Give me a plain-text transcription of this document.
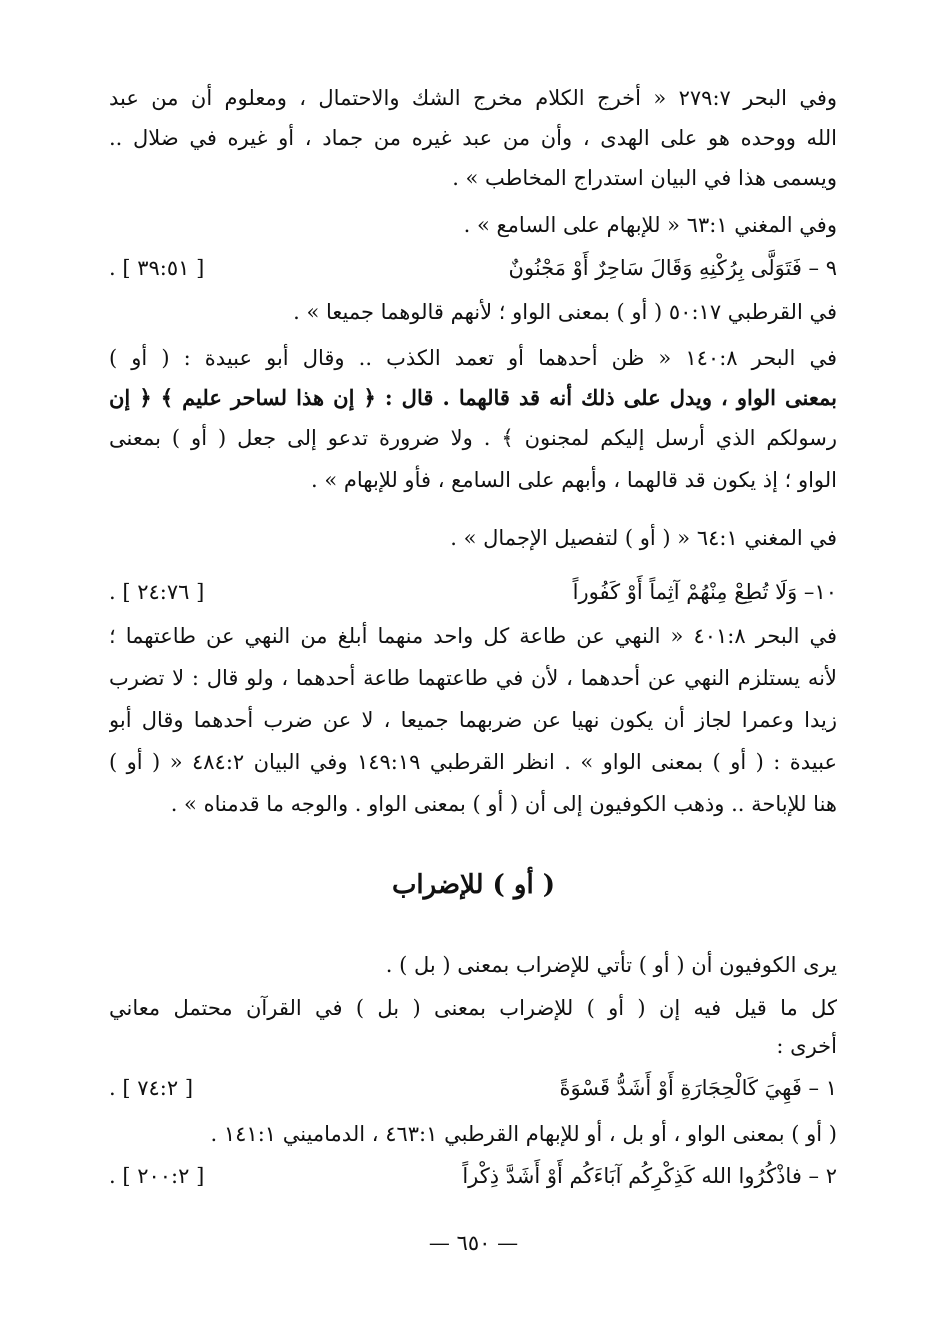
وفي البحر ٢٧٩:٧ « أخرج الكلام مخرج الشك والاحتمال ، ومعلوم أن من عبد
الله ووحده هو على الهدى ، وأن من عبد غيره من جماد ، أو غيره في ضلال ..
ويسمى هذا في البيان استدراج المخاطب » .
وفي المغني ٦٣:١ « للإبهام على السامع » .
٩ – فَتَوَلَّى بِرُكْنِهِ وَقَالَ سَاحِرٌ أَوْ مَجْنُونٌ
[ ٣٩:٥١ ] .
في القرطبي ٥٠:١٧ ( أو ) بمعنى الواو ؛ لأنهم قالوهما جميعا » .
في البحر ١٤٠:٨ « ظن أحدهما أو تعمد الكذب .. وقال أبو عبيدة : ( أو )
بمعنى الواو ، ويدل على ذلك أنه قد قالهما . قال : ﴿ إن هذا لساحر عليم ﴾ ﴿ إن
رسولكم الذي أرسل إليكم لمجنون ﴾ . ولا ضرورة تدعو إلى جعل ( أو ) بمعنى
الواو ؛ إذ يكون قد قالهما ، وأبهم على السامع ، فأو للإبهام » .
في المغني ٦٤:١ « ( أو ) لتفصيل الإجمال » .
١٠– وَلَا تُطِعْ مِنْهُمْ آثِماً أَوْ كَفُوراً
[ ٢٤:٧٦ ] .
في البحر ٤٠١:٨ « النهي عن طاعة كل واحد منهما أبلغ من النهي عن طاعتهما ؛
لأنه يستلزم النهي عن أحدهما ، لأن في طاعتهما طاعة أحدهما ، ولو قال : لا تضرب
زيدا وعمرا لجاز أن يكون نهيا عن ضربهما جميعا ، لا عن ضرب أحدهما وقال أبو
عبيدة : ( أو ) بمعنى الواو » . انظر القرطبي ١٤٩:١٩ وفي البيان ٤٨٤:٢ « ( أو )
هنا للإباحة .. وذهب الكوفيون إلى أن ( أو ) بمعنى الواو . والوجه ما قدمناه » .
( أو ) للإضراب
يرى الكوفيون أن ( أو ) تأتي للإضراب بمعنى ( بل ) .
كل ما قيل فيه إن ( أو ) للإضراب بمعنى ( بل ) في القرآن محتمل معاني
أخرى :
١ – فَهِيَ كَالْحِجَارَةِ أَوْ أَشَدُّ قَسْوَةً
[ ٧٤:٢ ] .
( أو ) بمعنى الواو ، أو بل ، أو للإبهام القرطبي ٤٦٣:١ ، الدماميني ١٤١:١ .
٢ – فاذْكُرُوا الله كَذِكْرِكُم آبَاءَكُم أَوْ أَشَدَّ ذِكْراً
[ ٢٠٠:٢ ] .
— ٦٥٠ —
